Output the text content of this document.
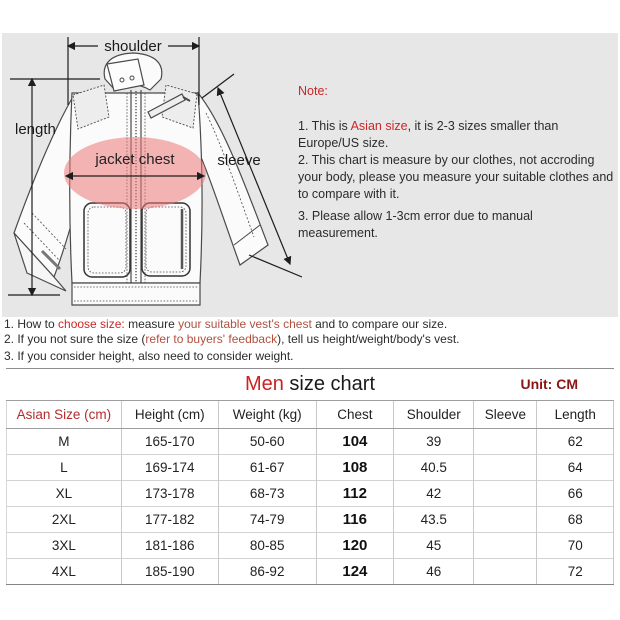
shoulder
length
sleeve
jacket chest
Note:
1. This is Asian size, it is 2-3 sizes smaller than Europe/US size.
2. This chart is measure by our clothes, not accroding your body, please you measure your suitable clothes and to compare with it.
3. Please allow 1-3cm error due to manual measurement.
1. How to choose size: measure your suitable vest's chest and to compare our size.
2. If you not sure the size (refer to buyers' feedback), tell us height/weight/body's vest.
3. If you consider height, also need to consider weight.
Men size chart	Unit: CM
Asian Size (cm)	Height (cm)	Weight (kg)	Chest	Shoulder	Sleeve	Length
M	165-170	50-60	104	39		62
L	169-174	61-67	108	40.5		64
XL	173-178	68-73	112	42		66
2XL	177-182	74-79	116	43.5		68
3XL	181-186	80-85	120	45		70
4XL	185-190	86-92	124	46		72
